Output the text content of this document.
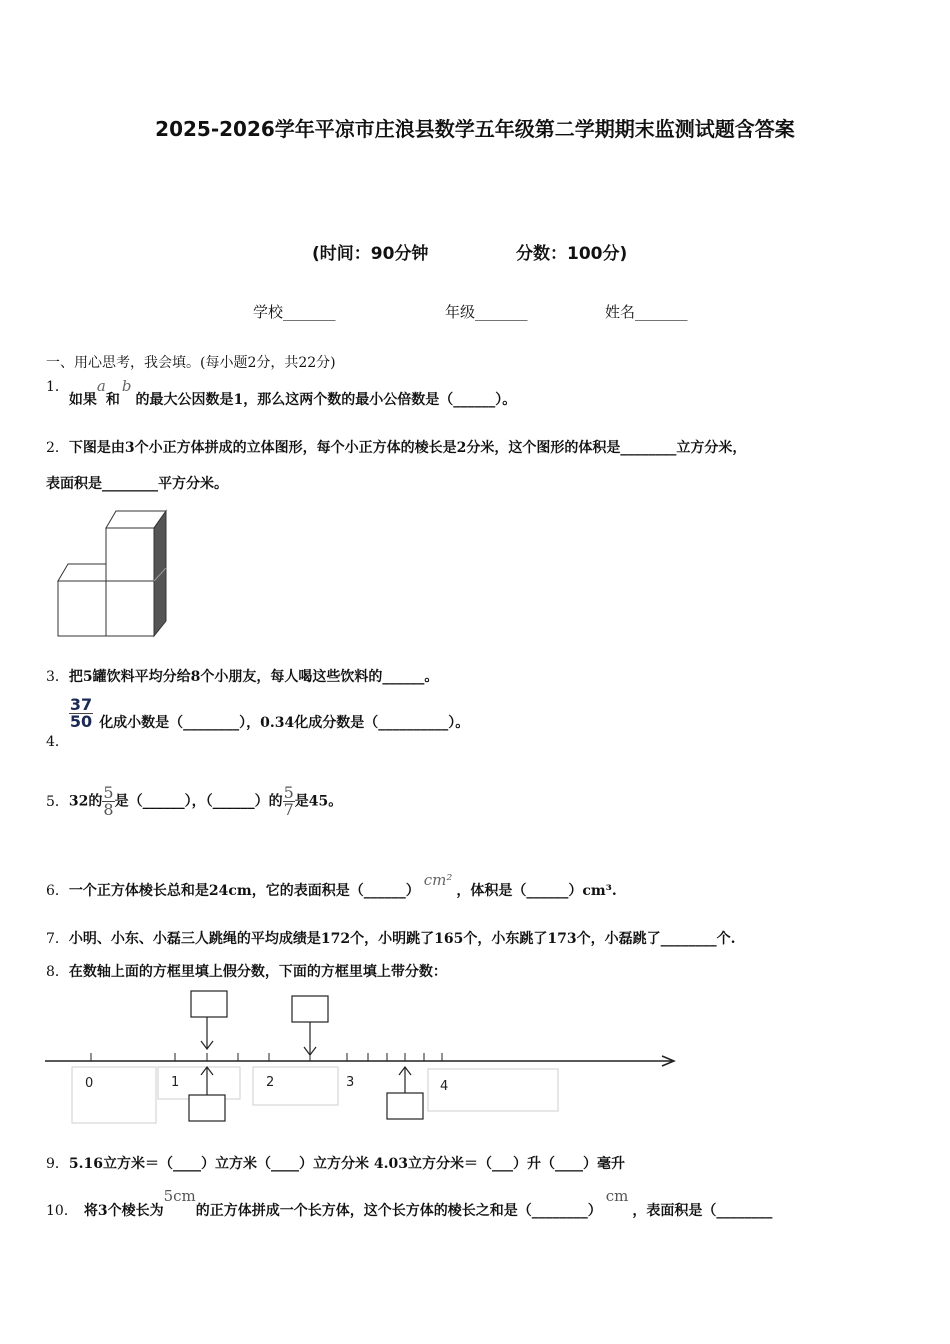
2025-2026学年平凉市庄浪县数学五年级第二学期期末监测试题含答案
(时间：90分钟	分数：100分)
学校_______	年级_______	姓名_______
一、用心思考，我会填。(每小题2分，共22分)
1．如果a和b的最大公因数是1，那么这两个数的最小公倍数是（______）。
2．下图是由3个小正方体拼成的立体图形，每个小正方体的棱长是2分米，这个图形的体积是________立方分米，
表面积是________平方分米。
3．把5罐饮料平均分给8个小朋友，每人喝这些饮料的______。
4．
$\frac{37}{50}$ 化成小数是（________），0.34化成分数是（__________）。
5．32的 $\frac{5}{8}$ 是（______），（______）的 $\frac{5}{7}$ 是45。
6．一个正方体棱长总和是24cm，它的表面积是（______）cm²，体积是（______）cm³.
7．小明、小东、小磊三人跳绳的平均成绩是172个，小明跳了165个，小东跳了173个，小磊跳了________个.
8．在数轴上面的方框里填上假分数，下面的方框里填上带分数：
0	1	2	3	4
9．5.16立方米＝（____）立方米（____）立方分米 4.03立方分米＝（___）升（____）毫升
10． 将3个棱长为5cm的正方体拼成一个长方体，这个长方体的棱长之和是（________）cm，表面积是（________
